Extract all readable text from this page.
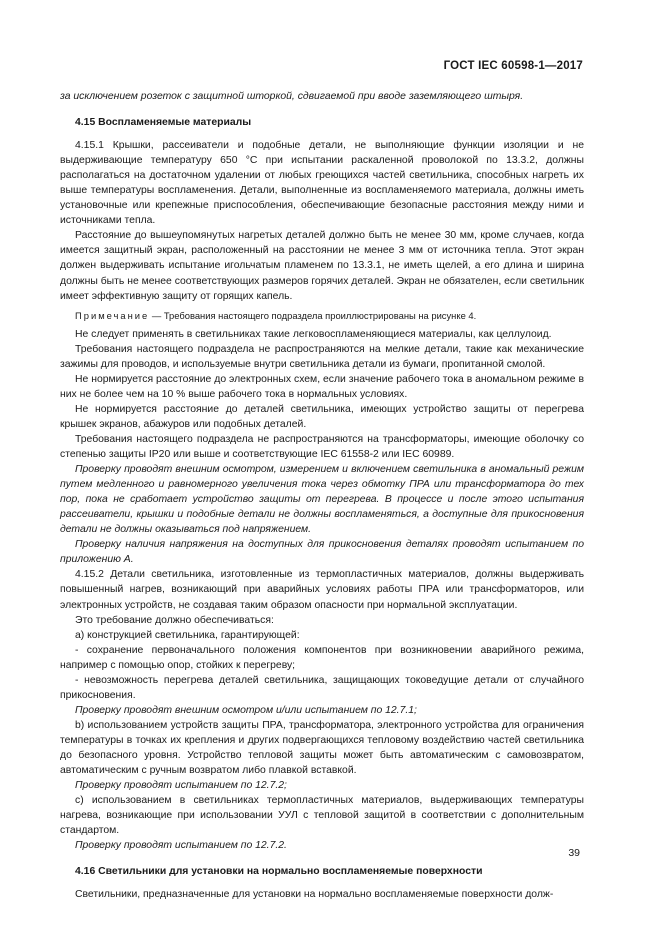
ГОСТ IEC 60598-1—2017

за исключением розеток с защитной шторкой, сдвигаемой при вводе заземляющего штыря.

4.15 Воспламеняемые материалы

4.15.1 Крышки, рассеиватели и подобные детали, не выполняющие функции изоляции и не выдерживающие температуру 650 °С при испытании раскаленной проволокой по 13.3.2, должны располагаться на достаточном удалении от любых греющихся частей светильника, способных нагреть их выше температуры воспламенения. Детали, выполненные из воспламеняемого материала, должны иметь установочные или крепежные приспособления, обеспечивающие безопасные расстояния между ними и источниками тепла.

Расстояние до вышеупомянутых нагретых деталей должно быть не менее 30 мм, кроме случаев, когда имеется защитный экран, расположенный на расстоянии не менее 3 мм от источника тепла. Этот экран должен выдерживать испытание игольчатым пламенем по 13.3.1, не иметь щелей, а его длина и ширина должны быть не менее соответствующих размеров горячих деталей. Экран не обязателен, если светильник имеет эффективную защиту от горящих капель.

Примечание — Требования настоящего подраздела проиллюстрированы на рисунке 4.

Не следует применять в светильниках такие легковоспламеняющиеся материалы, как целлулоид.

Требования настоящего подраздела не распространяются на мелкие детали, такие как механические зажимы для проводов, и используемые внутри светильника детали из бумаги, пропитанной смолой.

Не нормируется расстояние до электронных схем, если значение рабочего тока в аномальном режиме в них не более чем на 10 % выше рабочего тока в нормальных условиях.

Не нормируется расстояние до деталей светильника, имеющих устройство защиты от перегрева крышек экранов, абажуров или подобных деталей.

Требования настоящего подраздела не распространяются на трансформаторы, имеющие оболочку со степенью защиты IP20 или выше и соответствующие IEC 61558-2 или IEC 60989.

Проверку проводят внешним осмотром, измерением и включением светильника в аномальный режим путем медленного и равномерного увеличения тока через обмотку ПРА или трансформатора до тех пор, пока не сработает устройство защиты от перегрева. В процессе и после этого испытания рассеиватели, крышки и подобные детали не должны воспламеняться, а доступные для прикосновения детали не должны оказываться под напряжением.

Проверку наличия напряжения на доступных для прикосновения деталях проводят испытанием по приложению А.

4.15.2 Детали светильника, изготовленные из термопластичных материалов, должны выдерживать повышенный нагрев, возникающий при аварийных условиях работы ПРА или трансформаторов, или электронных устройств, не создавая таким образом опасности при нормальной эксплуатации.

Это требование должно обеспечиваться:

а) конструкцией светильника, гарантирующей:

- сохранение первоначального положения компонентов при возникновении аварийного режима, например с помощью опор, стойких к перегреву;

- невозможность перегрева деталей светильника, защищающих токоведущие детали от случайного прикосновения.

Проверку проводят внешним осмотром и/или испытанием по 12.7.1;

b) использованием устройств защиты ПРА, трансформатора, электронного устройства для ограничения температуры в точках их крепления и других подвергающихся тепловому воздействию частей светильника до безопасного уровня. Устройство тепловой защиты может быть автоматическим с самовозвратом, автоматическим с ручным возвратом либо плавкой вставкой.

Проверку проводят испытанием по 12.7.2;

с) использованием в светильниках термопластичных материалов, выдерживающих температуры нагрева, возникающие при использовании УУЛ с тепловой защитой в соответствии с дополнительным стандартом.

Проверку проводят испытанием по 12.7.2.

4.16 Светильники для установки на нормально воспламеняемые поверхности

Светильники, предназначенные для установки на нормально воспламеняемые поверхности долж-

39
